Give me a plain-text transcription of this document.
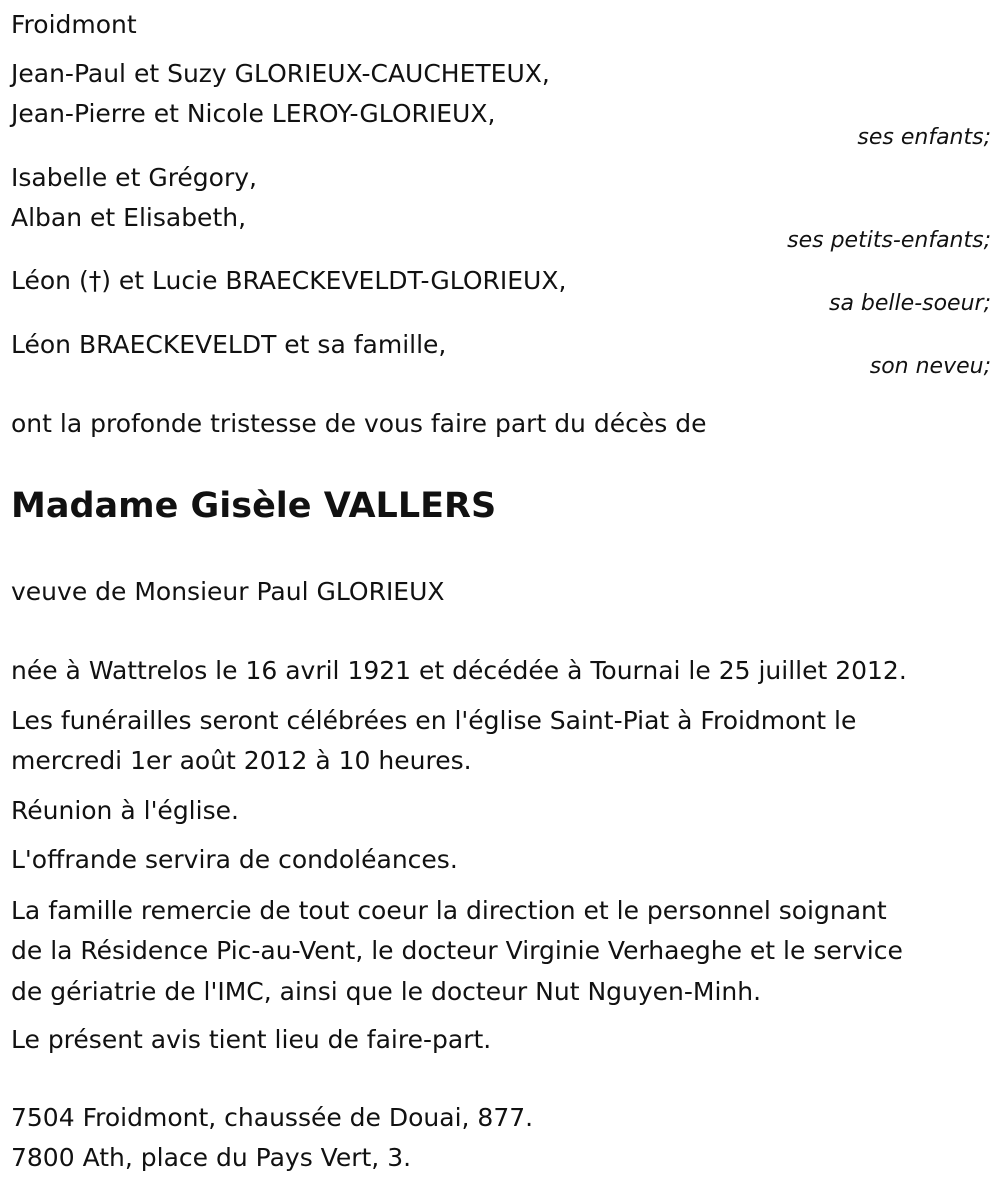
Froidmont

Jean-Paul et Suzy GLORIEUX-CAUCHETEUX,

Jean-Pierre et Nicole LEROY-GLORIEUX,

ses enfants;

Isabelle et Grégory,

Alban et Elisabeth,

ses petits-enfants;

Léon (†) et Lucie BRAECKEVELDT-GLORIEUX,

sa belle-soeur;

Léon BRAECKEVELDT et sa famille,

son neveu;

ont la profonde tristesse de vous faire part du décès de

Madame Gisèle VALLERS

veuve de Monsieur Paul GLORIEUX

née à Wattrelos le 16 avril 1921 et décédée à Tournai le 25 juillet 2012.

Les funérailles seront célébrées en l'église Saint-Piat à Froidmont le

mercredi 1er août 2012 à 10 heures.

Réunion à l'église.

L'offrande servira de condoléances.

La famille remercie de tout coeur la direction et le personnel soignant

de la Résidence Pic-au-Vent, le docteur Virginie Verhaeghe et le service

de gériatrie de l'IMC, ainsi que le docteur Nut Nguyen-Minh.

Le présent avis tient lieu de faire-part.

7504 Froidmont, chaussée de Douai, 877.

7800 Ath, place du Pays Vert, 3.
